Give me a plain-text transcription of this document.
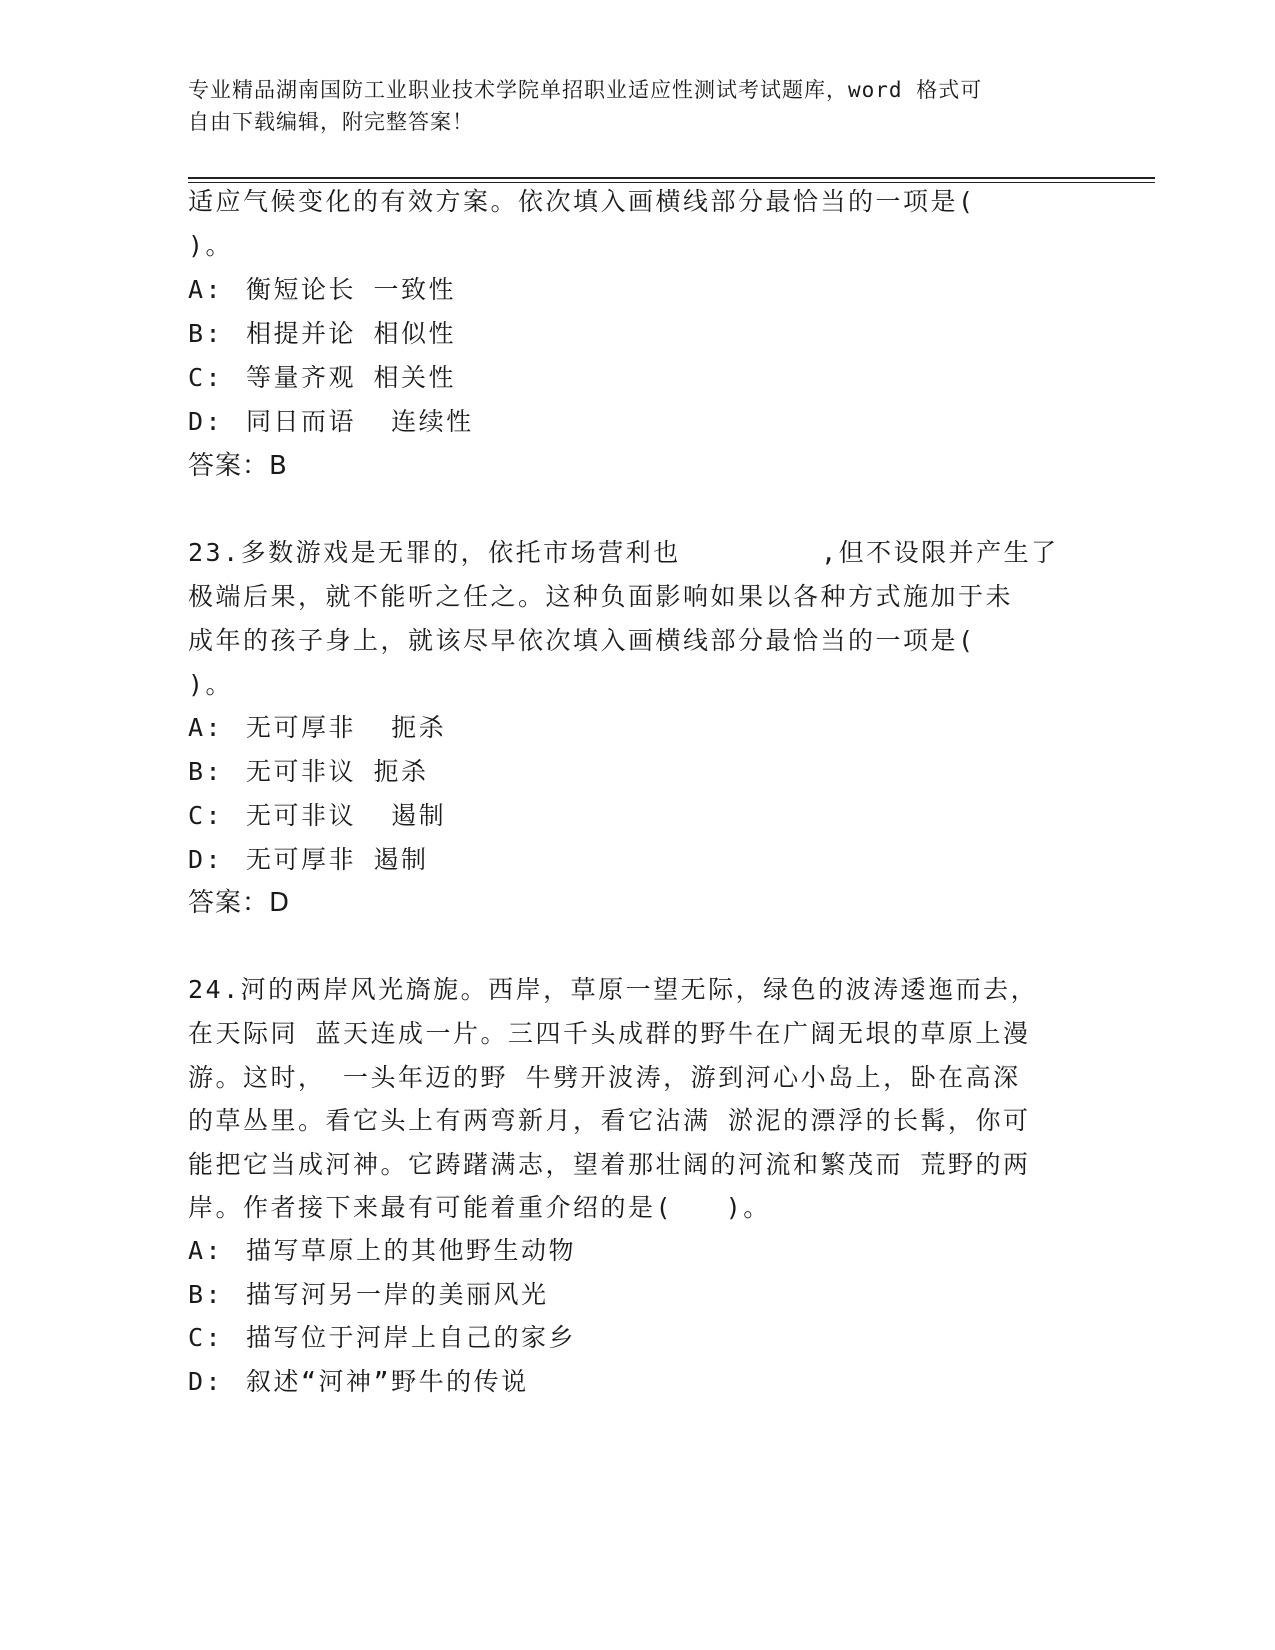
专业精品湖南国防工业职业技术学院单招职业适应性测试考试题库，word 格式可
自由下载编辑，附完整答案！
适应气候变化的有效方案。依次填入画横线部分最恰当的一项是(
)。
A: 衡短论长 一致性
B: 相提并论 相似性
C: 等量齐观 相关性
D: 同日而语  连续性
答案：B
23.多数游戏是无罪的，依托市场营利也        ,但不设限并产生了
极端后果，就不能听之任之。这种负面影响如果以各种方式施加于未
成年的孩子身上，就该尽早依次填入画横线部分最恰当的一项是(
)。
A: 无可厚非  扼杀
B: 无可非议 扼杀
C: 无可非议  遏制
D: 无可厚非 遏制
答案：D
24.河的两岸风光旖旎。西岸，草原一望无际，绿色的波涛逶迤而去，
在天际同 蓝天连成一片。三四千头成群的野牛在广阔无垠的草原上漫
游。这时， 一头年迈的野 牛劈开波涛，游到河心小岛上，卧在高深
的草丛里。看它头上有两弯新月，看它沾满 淤泥的漂浮的长髯，你可
能把它当成河神。它踌躇满志，望着那壮阔的河流和繁茂而 荒野的两
岸。作者接下来最有可能着重介绍的是(   )。
A: 描写草原上的其他野生动物
B: 描写河另一岸的美丽风光
C: 描写位于河岸上自己的家乡
D: 叙述“河神”野牛的传说
